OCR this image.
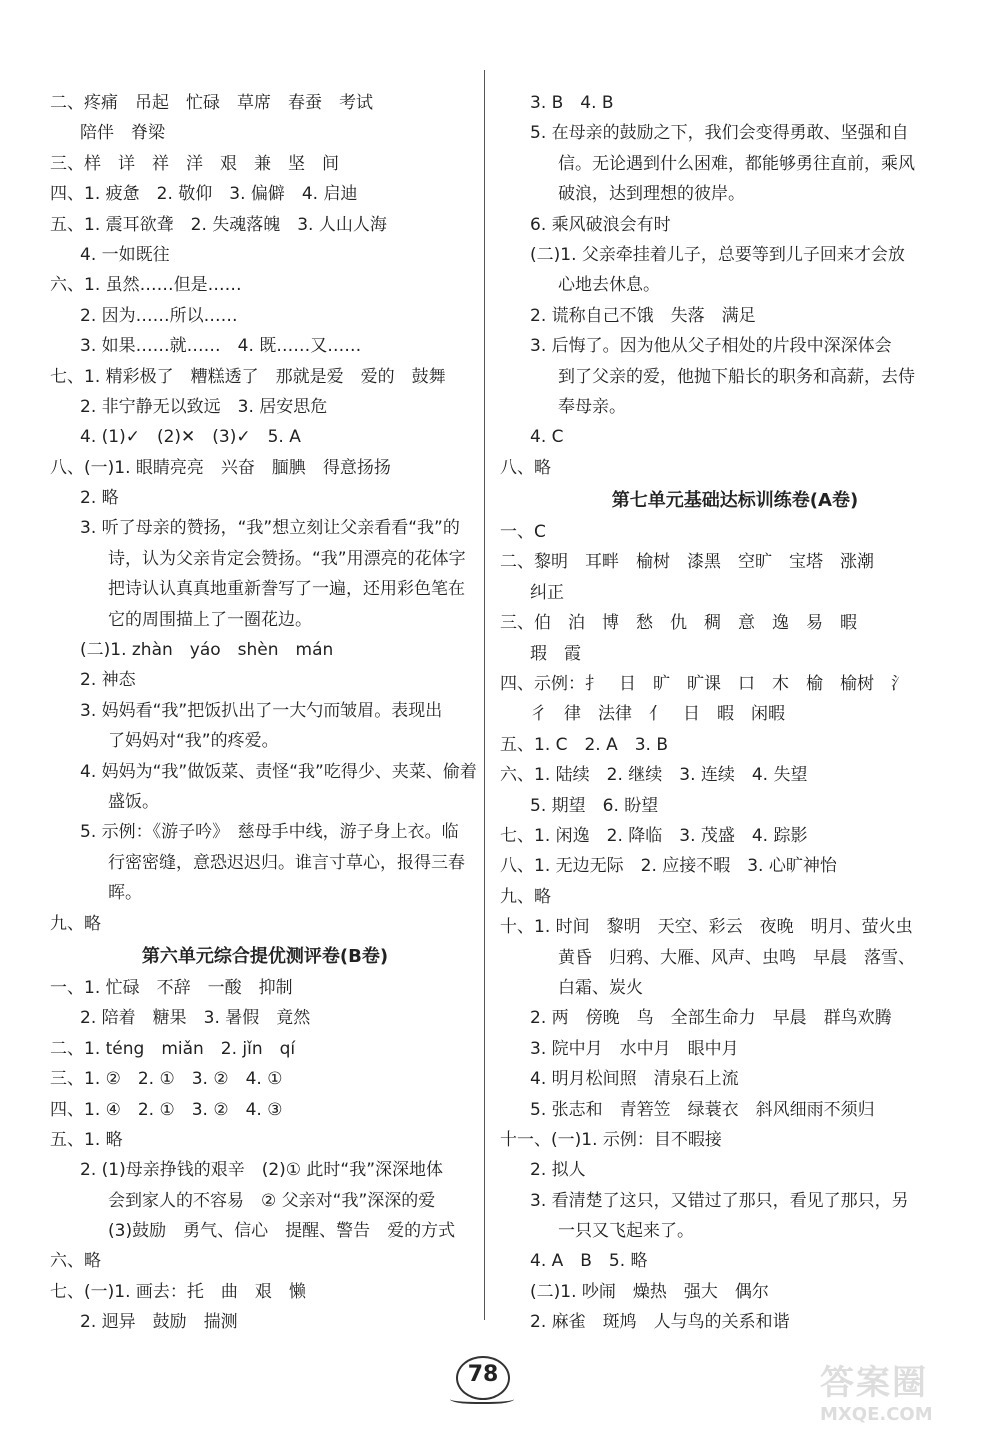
二、疼痛　吊起　忙碌　草席　春蚕　考试
陪伴　脊梁
三、样　详　祥　洋　艰　兼　坚　间
四、1. 疲惫　2. 敬仰　3. 偏僻　4. 启迪
五、1. 震耳欲聋　2. 失魂落魄　3. 人山人海
4. 一如既往
六、1. 虽然……但是……
2. 因为……所以……
3. 如果……就……　4. 既……又……
七、1. 精彩极了　糟糕透了　那就是爱　爱的　鼓舞
2. 非宁静无以致远　3. 居安思危
4. (1)✓　(2)✕　(3)✓　5. A
八、(一)1. 眼睛亮亮　兴奋　腼腆　得意扬扬
2. 略
3. 听了母亲的赞扬，“我”想立刻让父亲看看“我”的
诗，认为父亲肯定会赞扬。“我”用漂亮的花体字
把诗认认真真地重新誊写了一遍，还用彩色笔在
它的周围描上了一圈花边。
(二)1. zhàn　yáo　shèn　mán
2. 神态
3. 妈妈看“我”把饭扒出了一大勺而皱眉。表现出
了妈妈对“我”的疼爱。
4. 妈妈为“我”做饭菜、责怪“我”吃得少、夹菜、偷着
盛饭。
5. 示例：《游子吟》　慈母手中线，游子身上衣。临
行密密缝，意恐迟迟归。谁言寸草心，报得三春
晖。
九、略
第六单元综合提优测评卷(B卷)
一、1. 忙碌　不辞　一酸　抑制
2. 陪着　糖果　3. 暑假　竟然
二、1. téng　miǎn　2. jǐn　qí
三、1. ②　2. ①　3. ②　4. ①
四、1. ④　2. ①　3. ②　4. ③
五、1. 略
2. (1)母亲挣钱的艰辛　(2)① 此时“我”深深地体
会到家人的不容易　② 父亲对“我”深深的爱
(3)鼓励　勇气、信心　提醒、警告　爱的方式
六、略
七、(一)1. 画去：托　曲　艰　懒
2. 迥异　鼓励　揣测
3. B　4. B
5. 在母亲的鼓励之下，我们会变得勇敢、坚强和自
信。无论遇到什么困难，都能够勇往直前，乘风
破浪，达到理想的彼岸。
6. 乘风破浪会有时
(二)1. 父亲牵挂着儿子，总要等到儿子回来才会放
心地去休息。
2. 谎称自己不饿　失落　满足
3. 后悔了。因为他从父子相处的片段中深深体会
到了父亲的爱，他抛下船长的职务和高薪，去侍
奉母亲。
4. C
八、略
第七单元基础达标训练卷(A卷)
一、C
二、黎明　耳畔　榆树　漆黑　空旷　宝塔　涨潮
纠正
三、伯　泊　博　愁　仇　稠　意　逸　易　暇
瑕　霞
四、示例：扌　日　旷　旷课　口　木　榆　榆树　氵
彳　律　法律　亻　日　暇　闲暇
五、1. C　2. A　3. B
六、1. 陆续　2. 继续　3. 连续　4. 失望
5. 期望　6. 盼望
七、1. 闲逸　2. 降临　3. 茂盛　4. 踪影
八、1. 无边无际　2. 应接不暇　3. 心旷神怡
九、略
十、1. 时间　黎明　天空、彩云　夜晚　明月、萤火虫
黄昏　归鸦、大雁、风声、虫鸣　早晨　落雪、
白霜、炭火
2. 两　傍晚　鸟　全部生命力　早晨　群鸟欢腾
3. 院中月　水中月　眼中月
4. 明月松间照　清泉石上流
5. 张志和　青箬笠　绿蓑衣　斜风细雨不须归
十一、(一)1. 示例：目不暇接
2. 拟人
3. 看清楚了这只，又错过了那只，看见了那只，另
一只又飞起来了。
4. A　B　5. 略
(二)1. 吵闹　燥热　强大　偶尔
2. 麻雀　斑鸠　人与鸟的关系和谐
78	答案圈
MXQE.COM
